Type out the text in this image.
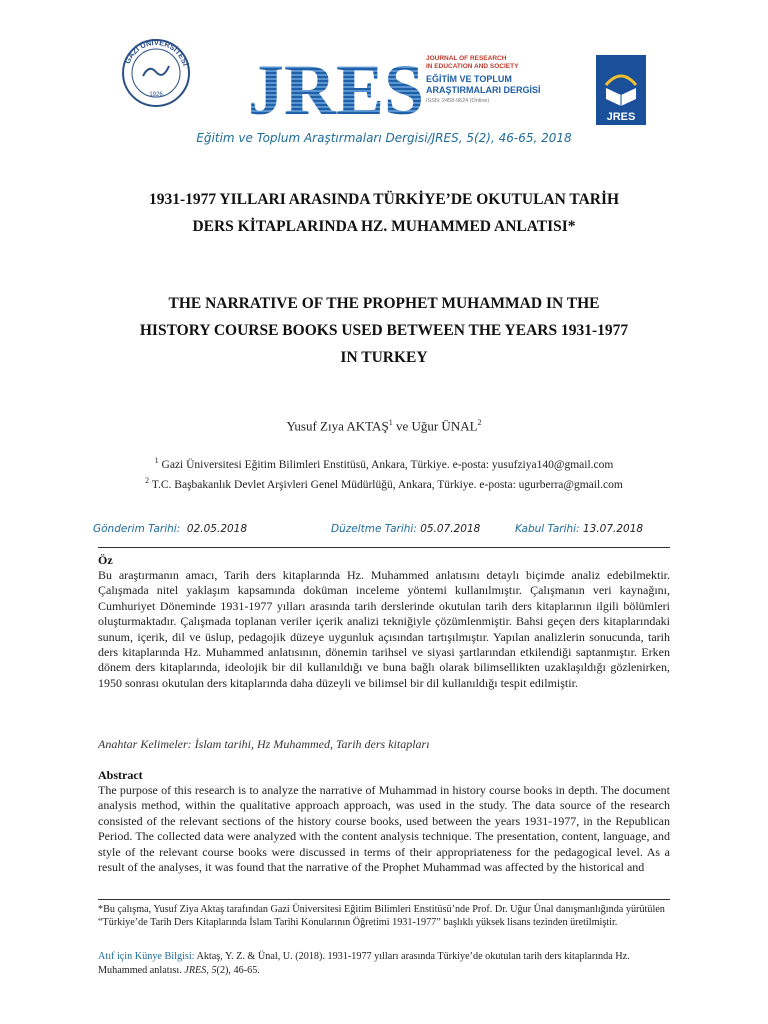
GAZİ ÜNİVERSİTESİ
1926 JRES JOURNAL OF RESEARCH
IN EDUCATION AND SOCIETY
EĞİTİM VE TOPLUM
ARAŞTIRMALARI DERGİSİ
ISSN: 2458-9624 (Online)
JRES
Eğitim ve Toplum Araştırmaları Dergisi/JRES, 5(2), 46-65, 2018
1931-1977 YILLARI ARASINDA TÜRKİYE’DE OKUTULAN TARİH
DERS KİTAPLARINDA HZ. MUHAMMED ANLATISI*
THE NARRATIVE OF THE PROPHET MUHAMMAD IN THE
HISTORY COURSE BOOKS USED BETWEEN THE YEARS 1931-1977
IN TURKEY
Yusuf Zıya AKTAŞ$^1$ ve Uğur ÜNAL$^2$
$^1$ Gazi Üniversitesi Eğitim Bilimleri Enstitüsü, Ankara, Türkiye. e-posta: yusufziya140@gmail.com
$^2$ T.C. Başbakanlık Devlet Arşivleri Genel Müdürlüğü, Ankara, Türkiye. e-posta: ugurberra@gmail.com
Gönderim Tarihi: 02.05.2018	Düzeltme Tarihi: 05.07.2018	Kabul Tarihi: 13.07.2018
Öz
Bu araştırmanın amacı, Tarih ders kitaplarında Hz. Muhammed anlatısını detaylı biçimde analiz edebilmektir. Çalışmada nitel yaklaşım kapsamında doküman inceleme yöntemi kullanılmıştır. Çalışmanın veri kaynağını, Cumhuriyet Döneminde 1931-1977 yılları arasında tarih derslerinde okutulan tarih ders kitaplarının ilgili bölümleri oluşturmaktadır. Çalışmada toplanan veriler içerik analizi tekniğiyle çözümlenmiştir. Bahsi geçen ders kitaplarındaki sunum, içerik, dil ve üslup, pedagojik düzeye uygunluk açısından tartışılmıştır. Yapılan analizlerin sonucunda, tarih ders kitaplarında Hz. Muhammed anlatısının, dönemin tarihsel ve siyasi şartlarından etkilendiği saptanmıştır. Erken dönem ders kitaplarında, ideolojik bir dil kullanıldığı ve buna bağlı olarak bilimsellikten uzaklaşıldığı gözlenirken, 1950 sonrası okutulan ders kitaplarında daha düzeyli ve bilimsel bir dil kullanıldığı tespit edilmiştir.
Anahtar Kelimeler: İslam tarihi, Hz Muhammed, Tarih ders kitapları
Abstract
The purpose of this research is to analyze the narrative of Muhammad in history course books in depth. The document analysis method, within the qualitative approach approach, was used in the study. The data source of the research consisted of the relevant sections of the history course books, used between the years 1931-1977, in the Republican Period. The collected data were analyzed with the content analysis technique. The presentation, content, language, and style of the relevant course books were discussed in terms of their appropriateness for the pedagogical level. As a result of the analyses, it was found that the narrative of the Prophet Muhammad was affected by the historical and
*Bu çalışma, Yusuf Ziya Aktaş tarafından Gazi Üniversitesi Eğitim Bilimleri Enstitüsü’nde Prof. Dr. Uğur Ünal danışmanlığında yürütülen “Türkiye’de Tarih Ders Kitaplarında İslam Tarihi Konularının Öğretimi 1931-1977” başlıklı yüksek lisans tezinden üretilmiştir.
Atıf için Künye Bilgisi: Aktaş, Y. Z. & Ünal, U. (2018). 1931-1977 yılları arasında Türkiye’de okutulan tarih ders kitaplarında Hz. Muhammed anlatısı. JRES, 5(2), 46-65.
